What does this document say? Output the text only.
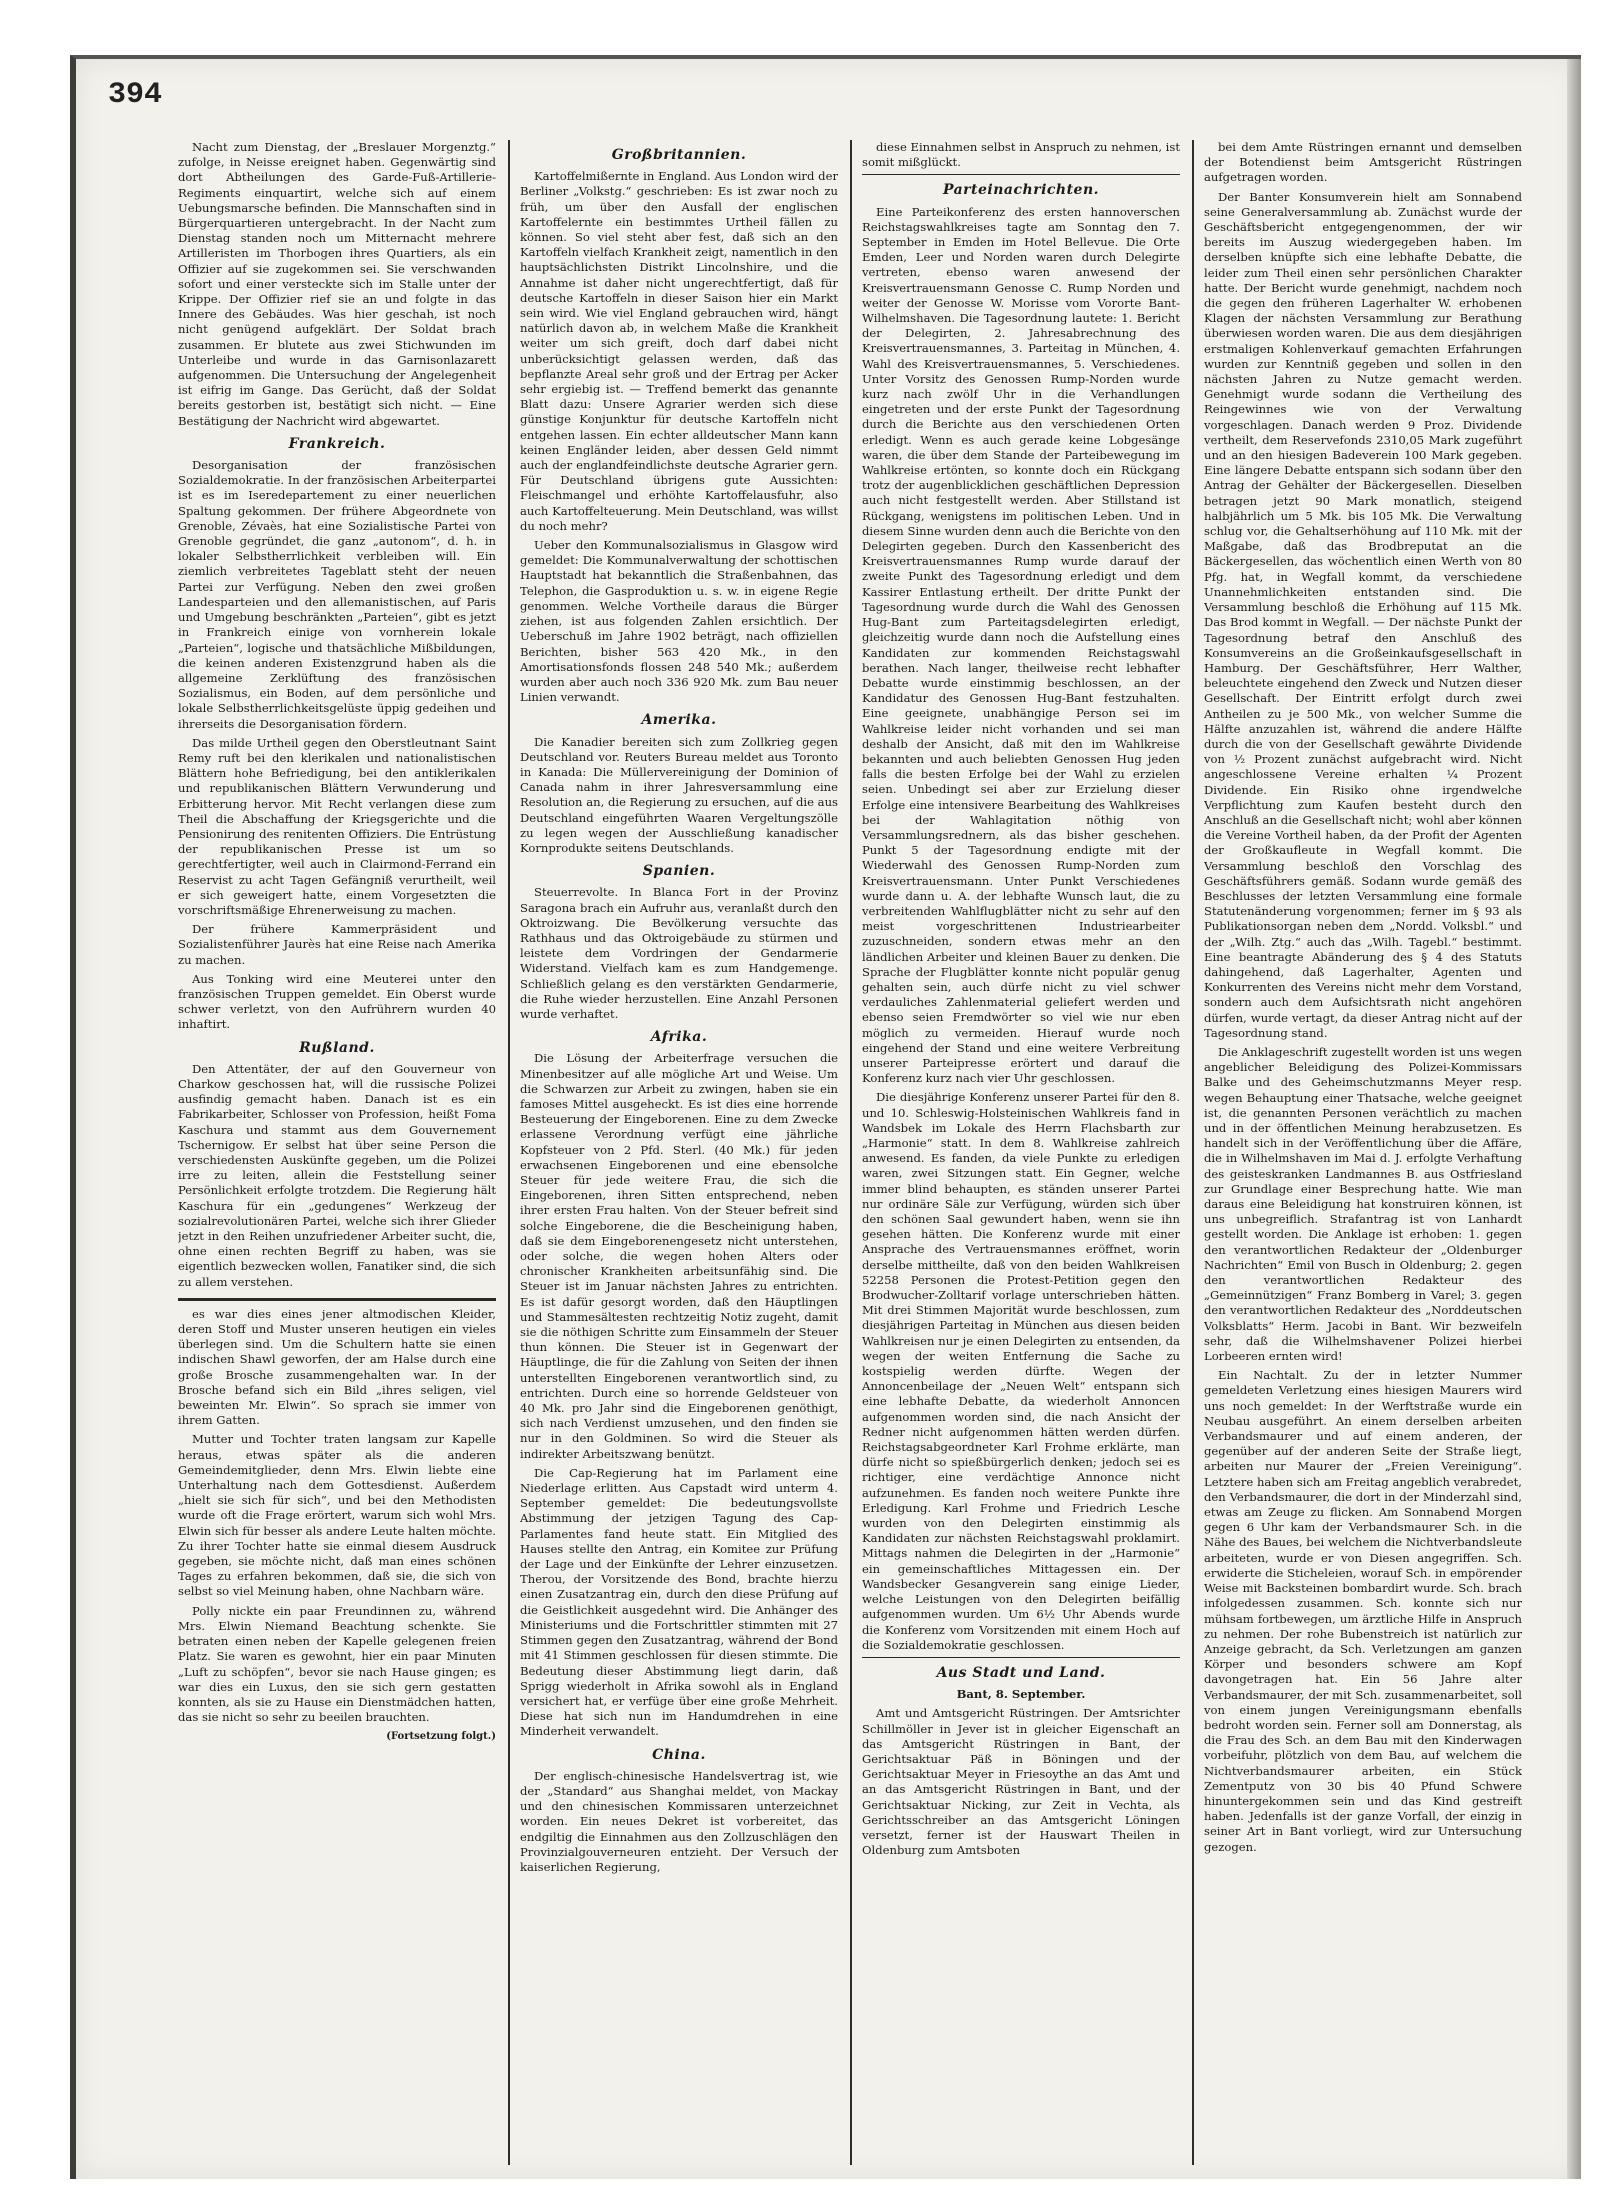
394

Nacht zum Dienstag, der „Breslauer Morgenztg.“ zufolge, in Neisse ereignet haben. Gegenwärtig sind dort Abtheilungen des Garde-Fuß-Artillerie-Regiments einquartirt, welche sich auf einem Uebungsmarsche befinden. Die Mannschaften sind in Bürgerquartieren untergebracht. In der Nacht zum Dienstag standen noch um Mitternacht mehrere Artilleristen im Thorbogen ihres Quartiers, als ein Offizier auf sie zugekommen sei. Sie verschwanden sofort und einer versteckte sich im Stalle unter der Krippe. Der Offizier rief sie an und folgte in das Innere des Gebäudes. Was hier geschah, ist noch nicht genügend aufgeklärt. Der Soldat brach zusammen. Er blutete aus zwei Stichwunden im Unterleibe und wurde in das Garnisonlazarett aufgenommen. Die Untersuchung der Angelegenheit ist eifrig im Gange. Das Gerücht, daß der Soldat bereits gestorben ist, bestätigt sich nicht. — Eine Bestätigung der Nachricht wird abgewartet.

Frankreich.

Desorganisation der französischen Sozialdemokratie. In der französischen Arbeiterpartei ist es im Iseredepartement zu einer neuerlichen Spaltung gekommen. Der frühere Abgeordnete von Grenoble, Zévaès, hat eine Sozialistische Partei von Grenoble gegründet, die ganz „autonom“, d. h. in lokaler Selbstherrlichkeit verbleiben will. Ein ziemlich verbreitetes Tageblatt steht der neuen Partei zur Verfügung. Neben den zwei großen Landesparteien und den allemanistischen, auf Paris und Umgebung beschränkten „Parteien“, gibt es jetzt in Frankreich einige von vornherein lokale „Parteien“, logische und thatsächliche Mißbildungen, die keinen anderen Existenzgrund haben als die allgemeine Zerklüftung des französischen Sozialismus, ein Boden, auf dem persönliche und lokale Selbstherrlichkeitsgelüste üppig gedeihen und ihrerseits die Desorganisation fördern.

Das milde Urtheil gegen den Oberstleutnant Saint Remy ruft bei den klerikalen und nationalistischen Blättern hohe Befriedigung, bei den antiklerikalen und republikanischen Blättern Verwunderung und Erbitterung hervor. Mit Recht verlangen diese zum Theil die Abschaffung der Kriegsgerichte und die Pensionirung des renitenten Offiziers. Die Entrüstung der republikanischen Presse ist um so gerechtfertigter, weil auch in Clairmond-Ferrand ein Reservist zu acht Tagen Gefängniß verurtheilt, weil er sich geweigert hatte, einem Vorgesetzten die vorschriftsmäßige Ehrenerweisung zu machen.

Der frühere Kammerpräsident und Sozialistenführer Jaurès hat eine Reise nach Amerika zu machen.

Aus Tonking wird eine Meuterei unter den französischen Truppen gemeldet. Ein Oberst wurde schwer verletzt, von den Aufrührern wurden 40 inhaftirt.

Rußland.

Den Attentäter, der auf den Gouverneur von Charkow geschossen hat, will die russische Polizei ausfindig gemacht haben. Danach ist es ein Fabrikarbeiter, Schlosser von Profession, heißt Foma Kaschura und stammt aus dem Gouvernement Tschernigow. Er selbst hat über seine Person die verschiedensten Auskünfte gegeben, um die Polizei irre zu leiten, allein die Feststellung seiner Persönlichkeit erfolgte trotzdem. Die Regierung hält Kaschura für ein „gedungenes“ Werkzeug der sozialrevolutionären Partei, welche sich ihrer Glieder jetzt in den Reihen unzufriedener Arbeiter sucht, die, ohne einen rechten Begriff zu haben, was sie eigentlich bezwecken wollen, Fanatiker sind, die sich zu allem verstehen.

es war dies eines jener altmodischen Kleider, deren Stoff und Muster unseren heutigen ein vieles überlegen sind. Um die Schultern hatte sie einen indischen Shawl geworfen, der am Halse durch eine große Brosche zusammengehalten war. In der Brosche befand sich ein Bild „ihres seligen, viel beweinten Mr. Elwin“. So sprach sie immer von ihrem Gatten.

Mutter und Tochter traten langsam zur Kapelle heraus, etwas später als die anderen Gemeindemitglieder, denn Mrs. Elwin liebte eine Unterhaltung nach dem Gottesdienst. Außerdem „hielt sie sich für sich“, und bei den Methodisten wurde oft die Frage erörtert, warum sich wohl Mrs. Elwin sich für besser als andere Leute halten möchte. Zu ihrer Tochter hatte sie einmal diesem Ausdruck gegeben, sie möchte nicht, daß man eines schönen Tages zu erfahren bekommen, daß sie, die sich von selbst so viel Meinung haben, ohne Nachbarn wäre.

Polly nickte ein paar Freundinnen zu, während Mrs. Elwin Niemand Beachtung schenkte. Sie betraten einen neben der Kapelle gelegenen freien Platz. Sie waren es gewohnt, hier ein paar Minuten „Luft zu schöpfen“, bevor sie nach Hause gingen; es war dies ein Luxus, den sie sich gern gestatten konnten, als sie zu Hause ein Dienstmädchen hatten, das sie nicht so sehr zu beeilen brauchten.

(Fortsetzung folgt.)
Großbritannien.

Kartoffelmißernte in England. Aus London wird der Berliner „Volkstg.“ geschrieben: Es ist zwar noch zu früh, um über den Ausfall der englischen Kartoffelernte ein bestimmtes Urtheil fällen zu können. So viel steht aber fest, daß sich an den Kartoffeln vielfach Krankheit zeigt, namentlich in den hauptsächlichsten Distrikt Lincolnshire, und die Annahme ist daher nicht ungerechtfertigt, daß für deutsche Kartoffeln in dieser Saison hier ein Markt sein wird. Wie viel England gebrauchen wird, hängt natürlich davon ab, in welchem Maße die Krankheit weiter um sich greift, doch darf dabei nicht unberücksichtigt gelassen werden, daß das bepflanzte Areal sehr groß und der Ertrag per Acker sehr ergiebig ist. — Treffend bemerkt das genannte Blatt dazu: Unsere Agrarier werden sich diese günstige Konjunktur für deutsche Kartoffeln nicht entgehen lassen. Ein echter alldeutscher Mann kann keinen Engländer leiden, aber dessen Geld nimmt auch der englandfeindlichste deutsche Agrarier gern. Für Deutschland übrigens gute Aussichten: Fleischmangel und erhöhte Kartoffelausfuhr, also auch Kartoffelteuerung. Mein Deutschland, was willst du noch mehr?

Ueber den Kommunalsozialismus in Glasgow wird gemeldet: Die Kommunalverwaltung der schottischen Hauptstadt hat bekanntlich die Straßenbahnen, das Telephon, die Gasproduktion u. s. w. in eigene Regie genommen. Welche Vortheile daraus die Bürger ziehen, ist aus folgenden Zahlen ersichtlich. Der Ueberschuß im Jahre 1902 beträgt, nach offiziellen Berichten, bisher 563 420 Mk., in den Amortisationsfonds flossen 248 540 Mk.; außerdem wurden aber auch noch 336 920 Mk. zum Bau neuer Linien verwandt.

Amerika.

Die Kanadier bereiten sich zum Zollkrieg gegen Deutschland vor. Reuters Bureau meldet aus Toronto in Kanada: Die Müllervereinigung der Dominion of Canada nahm in ihrer Jahresversammlung eine Resolution an, die Regierung zu ersuchen, auf die aus Deutschland eingeführten Waaren Vergeltungszölle zu legen wegen der Ausschließung kanadischer Kornprodukte seitens Deutschlands.

Spanien.

Steuerrevolte. In Blanca Fort in der Provinz Saragona brach ein Aufruhr aus, veranlaßt durch den Oktroizwang. Die Bevölkerung versuchte das Rathhaus und das Oktroigebäude zu stürmen und leistete dem Vordringen der Gendarmerie Widerstand. Vielfach kam es zum Handgemenge. Schließlich gelang es den verstärkten Gendarmerie, die Ruhe wieder herzustellen. Eine Anzahl Personen wurde verhaftet.

Afrika.

Die Lösung der Arbeiterfrage versuchen die Minenbesitzer auf alle mögliche Art und Weise. Um die Schwarzen zur Arbeit zu zwingen, haben sie ein famoses Mittel ausgeheckt. Es ist dies eine horrende Besteuerung der Eingeborenen. Eine zu dem Zwecke erlassene Verordnung verfügt eine jährliche Kopfsteuer von 2 Pfd. Sterl. (40 Mk.) für jeden erwachsenen Eingeborenen und eine ebensolche Steuer für jede weitere Frau, die sich die Eingeborenen, ihren Sitten entsprechend, neben ihrer ersten Frau halten. Von der Steuer befreit sind solche Eingeborene, die die Bescheinigung haben, daß sie dem Eingeborenengesetz nicht unterstehen, oder solche, die wegen hohen Alters oder chronischer Krankheiten arbeitsunfähig sind. Die Steuer ist im Januar nächsten Jahres zu entrichten. Es ist dafür gesorgt worden, daß den Häuptlingen und Stammesältesten rechtzeitig Notiz zugeht, damit sie die nöthigen Schritte zum Einsammeln der Steuer thun können. Die Steuer ist in Gegenwart der Häuptlinge, die für die Zahlung von Seiten der ihnen unterstellten Eingeborenen verantwortlich sind, zu entrichten. Durch eine so horrende Geldsteuer von 40 Mk. pro Jahr sind die Eingeborenen genöthigt, sich nach Verdienst umzusehen, und den finden sie nur in den Goldminen. So wird die Steuer als indirekter Arbeitszwang benützt.

Die Cap-Regierung hat im Parlament eine Niederlage erlitten. Aus Capstadt wird unterm 4. September gemeldet: Die bedeutungsvollste Abstimmung der jetzigen Tagung des Cap-Parlamentes fand heute statt. Ein Mitglied des Hauses stellte den Antrag, ein Komitee zur Prüfung der Lage und der Einkünfte der Lehrer einzusetzen. Therou, der Vorsitzende des Bond, brachte hierzu einen Zusatzantrag ein, durch den diese Prüfung auf die Geistlichkeit ausgedehnt wird. Die Anhänger des Ministeriums und die Fortschrittler stimmten mit 27 Stimmen gegen den Zusatzantrag, während der Bond mit 41 Stimmen geschlossen für diesen stimmte. Die Bedeutung dieser Abstimmung liegt darin, daß Sprigg wiederholt in Afrika sowohl als in England versichert hat, er verfüge über eine große Mehrheit. Diese hat sich nun im Handumdrehen in eine Minderheit verwandelt.

China.

Der englisch-chinesische Handelsvertrag ist, wie der „Standard“ aus Shanghai meldet, von Mackay und den chinesischen Kommissaren unterzeichnet worden. Ein neues Dekret ist vorbereitet, das endgiltig die Einnahmen aus den Zollzuschlägen den Provinzialgouverneuren entzieht. Der Versuch der kaiserlichen Regierung,

diese Einnahmen selbst in Anspruch zu nehmen, ist somit mißglückt.

Parteinachrichten.

Eine Parteikonferenz des ersten hannoverschen Reichstagswahlkreises tagte am Sonntag den 7. September in Emden im Hotel Bellevue. Die Orte Emden, Leer und Norden waren durch Delegirte vertreten, ebenso waren anwesend der Kreisvertrauensmann Genosse C. Rump Norden und weiter der Genosse W. Morisse vom Vororte Bant-Wilhelmshaven. Die Tagesordnung lautete: 1. Bericht der Delegirten, 2. Jahresabrechnung des Kreisvertrauensmannes, 3. Parteitag in München, 4. Wahl des Kreisvertrauensmannes, 5. Verschiedenes. Unter Vorsitz des Genossen Rump-Norden wurde kurz nach zwölf Uhr in die Verhandlungen eingetreten und der erste Punkt der Tagesordnung durch die Berichte aus den verschiedenen Orten erledigt. Wenn es auch gerade keine Lobgesänge waren, die über dem Stande der Parteibewegung im Wahlkreise ertönten, so konnte doch ein Rückgang trotz der augenblicklichen geschäftlichen Depression auch nicht festgestellt werden. Aber Stillstand ist Rückgang, wenigstens im politischen Leben. Und in diesem Sinne wurden denn auch die Berichte von den Delegirten gegeben. Durch den Kassenbericht des Kreisvertrauensmannes Rump wurde darauf der zweite Punkt des Tagesordnung erledigt und dem Kassirer Entlastung ertheilt. Der dritte Punkt der Tagesordnung wurde durch die Wahl des Genossen Hug-Bant zum Parteitagsdelegirten erledigt, gleichzeitig wurde dann noch die Aufstellung eines Kandidaten zur kommenden Reichstagswahl berathen. Nach langer, theilweise recht lebhafter Debatte wurde einstimmig beschlossen, an der Kandidatur des Genossen Hug-Bant festzuhalten. Eine geeignete, unabhängige Person sei im Wahlkreise leider nicht vorhanden und sei man deshalb der Ansicht, daß mit den im Wahlkreise bekannten und auch beliebten Genossen Hug jeden falls die besten Erfolge bei der Wahl zu erzielen seien. Unbedingt sei aber zur Erzielung dieser Erfolge eine intensivere Bearbeitung des Wahlkreises bei der Wahlagitation nöthig von Versammlungsrednern, als das bisher geschehen. Punkt 5 der Tagesordnung endigte mit der Wiederwahl des Genossen Rump-Norden zum Kreisvertrauensmann. Unter Punkt Verschiedenes wurde dann u. A. der lebhafte Wunsch laut, die zu verbreitenden Wahlflugblätter nicht zu sehr auf den meist vorgeschrittenen Industriearbeiter zuzuschneiden, sondern etwas mehr an den ländlichen Arbeiter und kleinen Bauer zu denken. Die Sprache der Flugblätter konnte nicht populär genug gehalten sein, auch dürfe nicht zu viel schwer verdauliches Zahlenmaterial geliefert werden und ebenso seien Fremdwörter so viel wie nur eben möglich zu vermeiden. Hierauf wurde noch eingehend der Stand und eine weitere Verbreitung unserer Parteipresse erörtert und darauf die Konferenz kurz nach vier Uhr geschlossen.

Die diesjährige Konferenz unserer Partei für den 8. und 10. Schleswig-Holsteinischen Wahlkreis fand in Wandsbek im Lokale des Herrn Flachsbarth zur „Harmonie“ statt. In dem 8. Wahlkreise zahlreich anwesend. Es fanden, da viele Punkte zu erledigen waren, zwei Sitzungen statt. Ein Gegner, welche immer blind behaupten, es ständen unserer Partei nur ordinäre Säle zur Verfügung, würden sich über den schönen Saal gewundert haben, wenn sie ihn gesehen hätten. Die Konferenz wurde mit einer Ansprache des Vertrauensmannes eröffnet, worin derselbe mittheilte, daß von den beiden Wahlkreisen 52258 Personen die Protest-Petition gegen den Brodwucher-Zolltarif vorlage unterschrieben hätten. Mit drei Stimmen Majorität wurde beschlossen, zum diesjährigen Parteitag in München aus diesen beiden Wahlkreisen nur je einen Delegirten zu entsenden, da wegen der weiten Entfernung die Sache zu kostspielig werden dürfte. Wegen der Annoncenbeilage der „Neuen Welt“ entspann sich eine lebhafte Debatte, da wiederholt Annoncen aufgenommen worden sind, die nach Ansicht der Redner nicht aufgenommen hätten werden dürfen. Reichstagsabgeordneter Karl Frohme erklärte, man dürfe nicht so spießbürgerlich denken; jedoch sei es richtiger, eine verdächtige Annonce nicht aufzunehmen. Es fanden noch weitere Punkte ihre Erledigung. Karl Frohme und Friedrich Lesche wurden von den Delegirten einstimmig als Kandidaten zur nächsten Reichstagswahl proklamirt. Mittags nahmen die Delegirten in der „Harmonie“ ein gemeinschaftliches Mittagessen ein. Der Wandsbecker Gesangverein sang einige Lieder, welche Leistungen von den Delegirten beifällig aufgenommen wurden. Um 6½ Uhr Abends wurde die Konferenz vom Vorsitzenden mit einem Hoch auf die Sozialdemokratie geschlossen.

Aus Stadt und Land.
Bant, 8. September.

Amt und Amtsgericht Rüstringen. Der Amtsrichter Schillmöller in Jever ist in gleicher Eigenschaft an das Amtsgericht Rüstringen in Bant, der Gerichtsaktuar Päß in Böningen und der Gerichtsaktuar Meyer in Friesoythe an das Amt und an das Amtsgericht Rüstringen in Bant, und der Gerichtsaktuar Nicking, zur Zeit in Vechta, als Gerichtsschreiber an das Amtsgericht Löningen versetzt, ferner ist der Hauswart Theilen in Oldenburg zum Amtsboten

bei dem Amte Rüstringen ernannt und demselben der Botendienst beim Amtsgericht Rüstringen aufgetragen worden.

Der Banter Konsumverein hielt am Sonnabend seine Generalversammlung ab. Zunächst wurde der Geschäftsbericht entgegengenommen, der wir bereits im Auszug wiedergegeben haben. Im derselben knüpfte sich eine lebhafte Debatte, die leider zum Theil einen sehr persönlichen Charakter hatte. Der Bericht wurde genehmigt, nachdem noch die gegen den früheren Lagerhalter W. erhobenen Klagen der nächsten Versammlung zur Berathung überwiesen worden waren. Die aus dem diesjährigen erstmaligen Kohlenverkauf gemachten Erfahrungen wurden zur Kenntniß gegeben und sollen in den nächsten Jahren zu Nutze gemacht werden. Genehmigt wurde sodann die Vertheilung des Reingewinnes wie von der Verwaltung vorgeschlagen. Danach werden 9 Proz. Dividende vertheilt, dem Reservefonds 2310,05 Mark zugeführt und an den hiesigen Badeverein 100 Mark gegeben. Eine längere Debatte entspann sich sodann über den Antrag der Gehälter der Bäckergesellen. Dieselben betragen jetzt 90 Mark monatlich, steigend halbjährlich um 5 Mk. bis 105 Mk. Die Verwaltung schlug vor, die Gehaltserhöhung auf 110 Mk. mit der Maßgabe, daß das Brodbreputat an die Bäckergesellen, das wöchentlich einen Werth von 80 Pfg. hat, in Wegfall kommt, da verschiedene Unannehmlichkeiten entstanden sind. Die Versammlung beschloß die Erhöhung auf 115 Mk. Das Brod kommt in Wegfall. — Der nächste Punkt der Tagesordnung betraf den Anschluß des Konsumvereins an die Großeinkaufsgesellschaft in Hamburg. Der Geschäftsführer, Herr Walther, beleuchtete eingehend den Zweck und Nutzen dieser Gesellschaft. Der Eintritt erfolgt durch zwei Antheilen zu je 500 Mk., von welcher Summe die Hälfte anzuzahlen ist, während die andere Hälfte durch die von der Gesellschaft gewährte Dividende von ½ Prozent zunächst aufgebracht wird. Nicht angeschlossene Vereine erhalten ¼ Prozent Dividende. Ein Risiko ohne irgendwelche Verpflichtung zum Kaufen besteht durch den Anschluß an die Gesellschaft nicht; wohl aber können die Vereine Vortheil haben, da der Profit der Agenten der Großkaufleute in Wegfall kommt. Die Versammlung beschloß den Vorschlag des Geschäftsführers gemäß. Sodann wurde gemäß des Beschlusses der letzten Versammlung eine formale Statutenänderung vorgenommen; ferner im § 93 als Publikationsorgan neben dem „Nordd. Volksbl.“ und der „Wilh. Ztg.“ auch das „Wilh. Tagebl.“ bestimmt. Eine beantragte Abänderung des § 4 des Statuts dahingehend, daß Lagerhalter, Agenten und Konkurrenten des Vereins nicht mehr dem Vorstand, sondern auch dem Aufsichtsrath nicht angehören dürfen, wurde vertagt, da dieser Antrag nicht auf der Tagesordnung stand.

Die Anklageschrift zugestellt worden ist uns wegen angeblicher Beleidigung des Polizei-Kommissars Balke und des Geheimschutzmanns Meyer resp. wegen Behauptung einer Thatsache, welche geeignet ist, die genannten Personen verächtlich zu machen und in der öffentlichen Meinung herabzusetzen. Es handelt sich in der Veröffentlichung über die Affäre, die in Wilhelmshaven im Mai d. J. erfolgte Verhaftung des geisteskranken Landmannes B. aus Ostfriesland zur Grundlage einer Besprechung hatte. Wie man daraus eine Beleidigung hat konstruiren können, ist uns unbegreiflich. Strafantrag ist von Lanhardt gestellt worden. Die Anklage ist erhoben: 1. gegen den verantwortlichen Redakteur der „Oldenburger Nachrichten“ Emil von Busch in Oldenburg; 2. gegen den verantwortlichen Redakteur des „Gemeinnützigen“ Franz Bomberg in Varel; 3. gegen den verantwortlichen Redakteur des „Norddeutschen Volksblatts“ Herm. Jacobi in Bant. Wir bezweifeln sehr, daß die Wilhelmshavener Polizei hierbei Lorbeeren ernten wird!

Ein Nachtalt. Zu der in letzter Nummer gemeldeten Verletzung eines hiesigen Maurers wird uns noch gemeldet: In der Werftstraße wurde ein Neubau ausgeführt. An einem derselben arbeiten Verbandsmaurer und auf einem anderen, der gegenüber auf der anderen Seite der Straße liegt, arbeiten nur Maurer der „Freien Vereinigung“. Letztere haben sich am Freitag angeblich verabredet, den Verbandsmaurer, die dort in der Minderzahl sind, etwas am Zeuge zu flicken. Am Sonnabend Morgen gegen 6 Uhr kam der Verbandsmaurer Sch. in die Nähe des Baues, bei welchem die Nichtverbandsleute arbeiteten, wurde er von Diesen angegriffen. Sch. erwiderte die Sticheleien, worauf Sch. in empörender Weise mit Backsteinen bombardirt wurde. Sch. brach infolgedessen zusammen. Sch. konnte sich nur mühsam fortbewegen, um ärztliche Hilfe in Anspruch zu nehmen. Der rohe Bubenstreich ist natürlich zur Anzeige gebracht, da Sch. Verletzungen am ganzen Körper und besonders schwere am Kopf davongetragen hat. Ein 56 Jahre alter Verbandsmaurer, der mit Sch. zusammenarbeitet, soll von einem jungen Vereinigungsmann ebenfalls bedroht worden sein. Ferner soll am Donnerstag, als die Frau des Sch. an dem Bau mit den Kinderwagen vorbeifuhr, plötzlich von dem Bau, auf welchem die Nichtverbandsmaurer arbeiten, ein Stück Zementputz von 30 bis 40 Pfund Schwere hinuntergekommen sein und das Kind gestreift haben. Jedenfalls ist der ganze Vorfall, der einzig in seiner Art in Bant vorliegt, wird zur Untersuchung gezogen.
